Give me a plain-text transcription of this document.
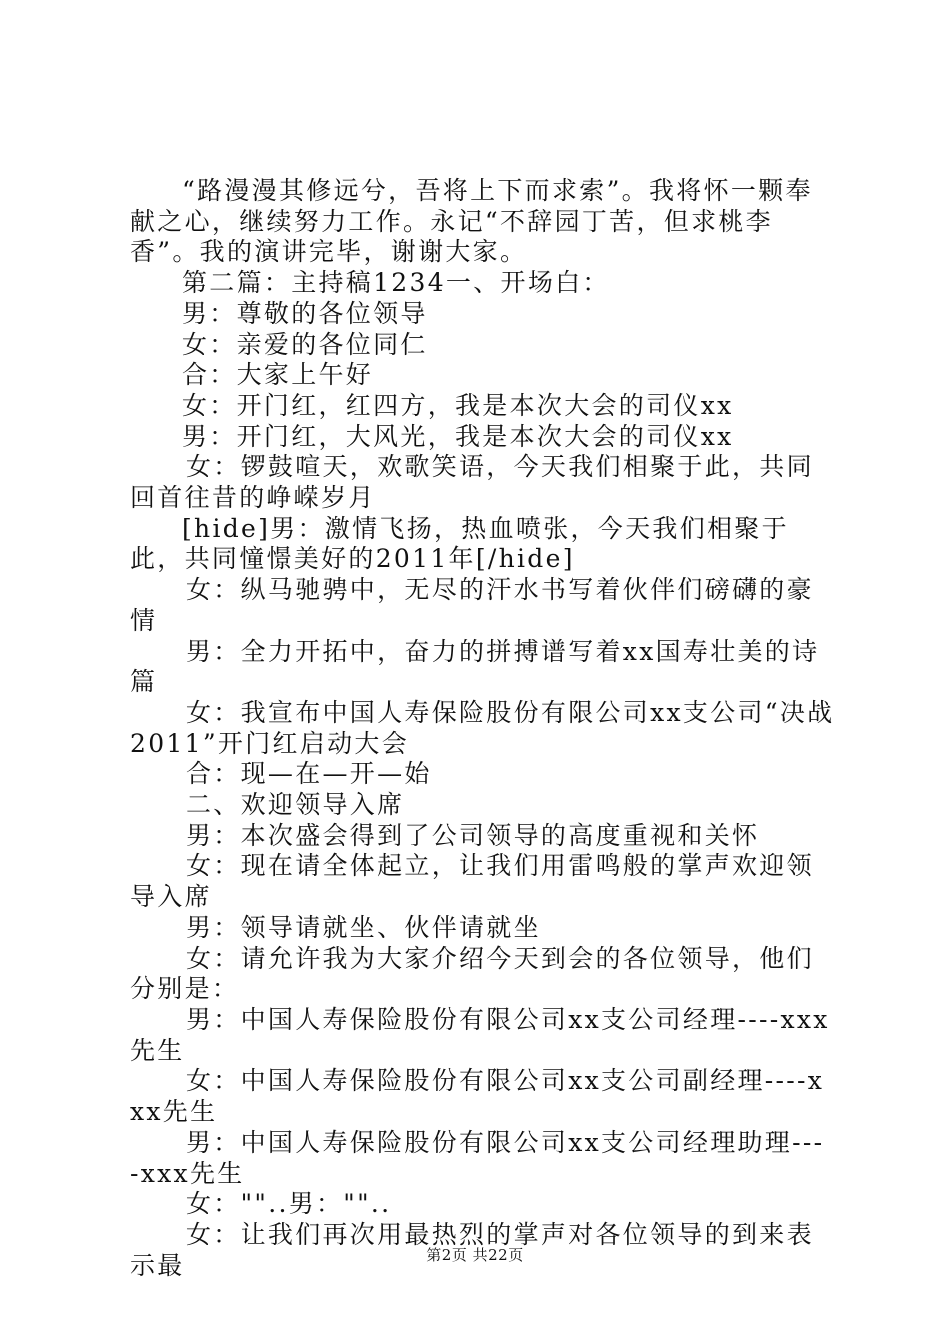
“路漫漫其修远兮，吾将上下而求索”。我将怀一颗奉献之心，继续努力工作。永记“不辞园丁苦，但求桃李香”。我的演讲完毕，谢谢大家。

第二篇：主持稿1234一、开场白：

男：尊敬的各位领导

女：亲爱的各位同仁

合：大家上午好

女：开门红，红四方，我是本次大会的司仪xx

男：开门红，大风光，我是本次大会的司仪xx

女：锣鼓喧天，欢歌笑语，今天我们相聚于此，共同回首往昔的峥嵘岁月

[hide]男：激情飞扬，热血喷张，今天我们相聚于此，共同憧憬美好的2011年[/hide]

女：纵马驰骋中，无尽的汗水书写着伙伴们磅礴的豪情

男：全力开拓中，奋力的拼搏谱写着xx国寿壮美的诗篇

女：我宣布中国人寿保险股份有限公司xx支公司“决战2011”开门红启动大会

合：现—在—开—始

二、欢迎领导入席

男：本次盛会得到了公司领导的高度重视和关怀

女：现在请全体起立，让我们用雷鸣般的掌声欢迎领导入席

男：领导请就坐、伙伴请就坐

女：请允许我为大家介绍今天到会的各位领导，他们分别是：

男：中国人寿保险股份有限公司xx支公司经理----xxx先生

女：中国人寿保险股份有限公司xx支公司副经理----xxx先生

男：中国人寿保险股份有限公司xx支公司经理助理----xxx先生

女：""..男：""..

女：让我们再次用最热烈的掌声对各位领导的到来表示最	第2页 共22页
